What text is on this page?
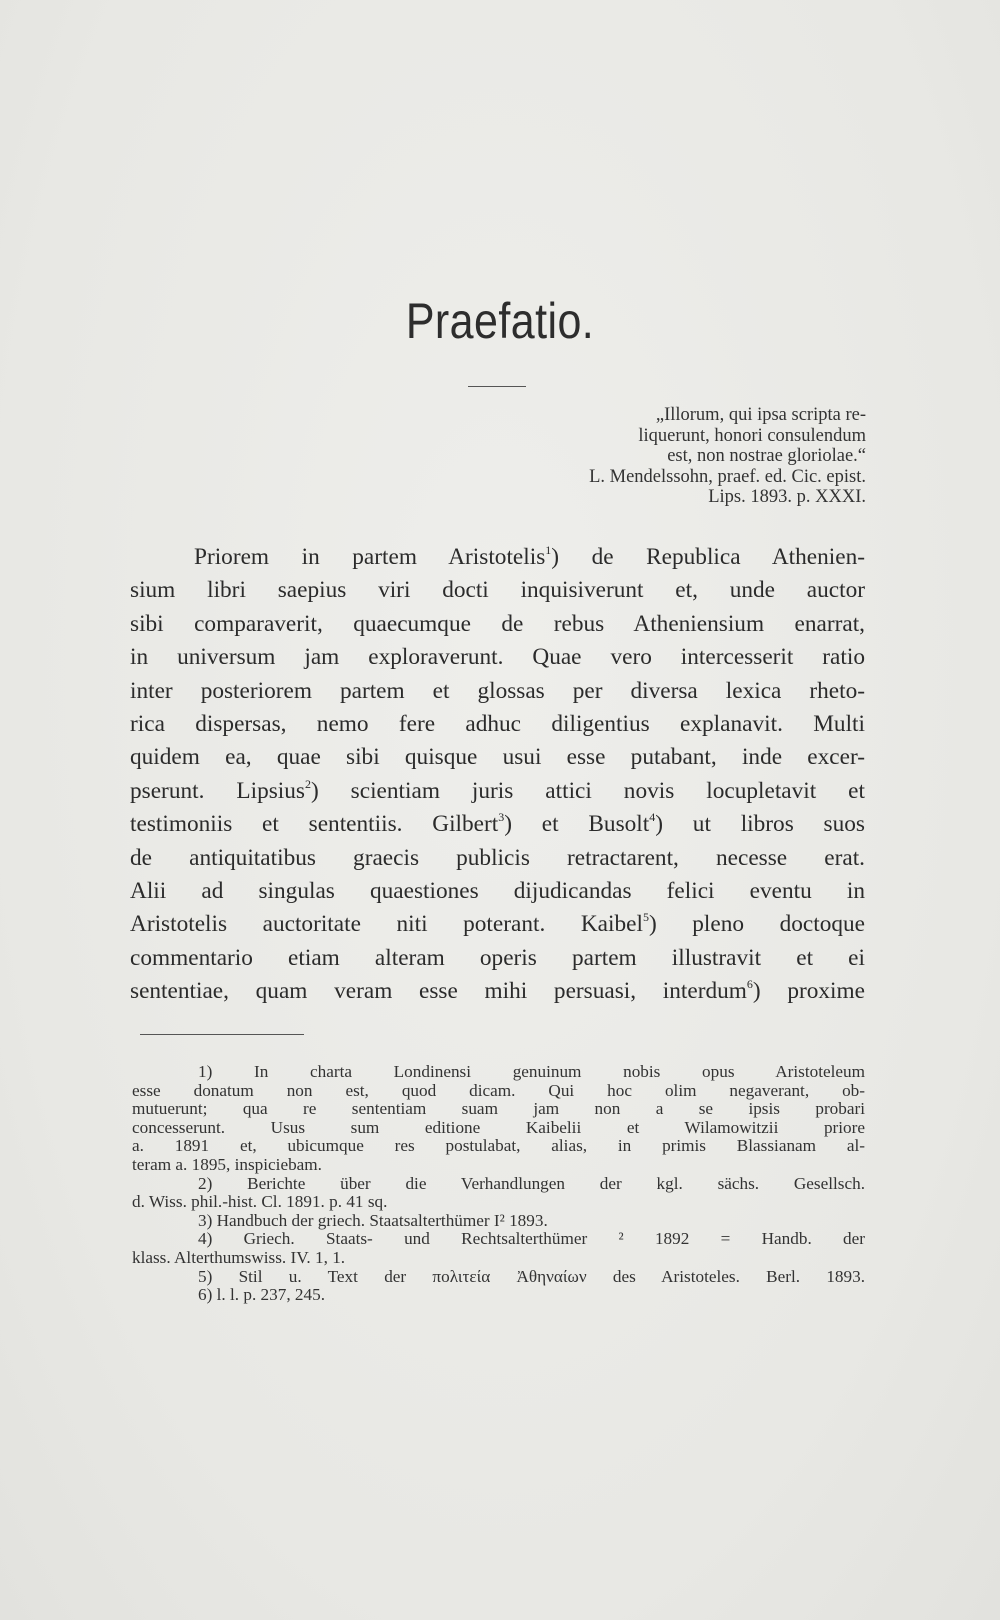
Praefatio.
„Illorum, qui ipsa scripta re-
liquerunt, honori consulendum
est, non nostrae gloriolae.“
L. Mendelssohn, praef. ed. Cic. epist.
Lips. 1893. p. XXXI.
Priorem in partem Aristotelis$^1$) de Republica Athenien-
sium libri saepius viri docti inquisiverunt et, unde auctor
sibi comparaverit, quaecumque de rebus Atheniensium enarrat,
in universum jam exploraverunt. Quae vero intercesserit ratio
inter posteriorem partem et glossas per diversa lexica rheto-
rica dispersas, nemo fere adhuc diligentius explanavit. Multi
quidem ea, quae sibi quisque usui esse putabant, inde excer-
pserunt. Lipsius$^2$) scientiam juris attici novis locupletavit et
testimoniis et sententiis. Gilbert$^3$) et Busolt$^4$) ut libros suos
de antiquitatibus graecis publicis retractarent, necesse erat.
Alii ad singulas quaestiones dijudicandas felici eventu in
Aristotelis auctoritate niti poterant. Kaibel$^5$) pleno doctoque
commentario etiam alteram operis partem illustravit et ei
sententiae, quam veram esse mihi persuasi, interdum$^6$) proxime
1) In charta Londinensi genuinum nobis opus Aristoteleum
esse donatum non est, quod dicam. Qui hoc olim negaverant, ob-
mutuerunt; qua re sententiam suam jam non a se ipsis probari
concesserunt. Usus sum editione Kaibelii et Wilamowitzii priore
a. 1891 et, ubicumque res postulabat, alias, in primis Blassianam al-
teram a. 1895, inspiciebam.
2) Berichte über die Verhandlungen der kgl. sächs. Gesellsch.
d. Wiss. phil.-hist. Cl. 1891. p. 41 sq.
3) Handbuch der griech. Staatsalterthümer I² 1893.
4) Griech. Staats- und Rechtsalterthümer ² 1892 = Handb. der
klass. Alterthumswiss. IV. 1, 1.
5) Stil u. Text der πολιτεία Ἀθηναίων des Aristoteles. Berl. 1893.
6) l. l. p. 237, 245.
